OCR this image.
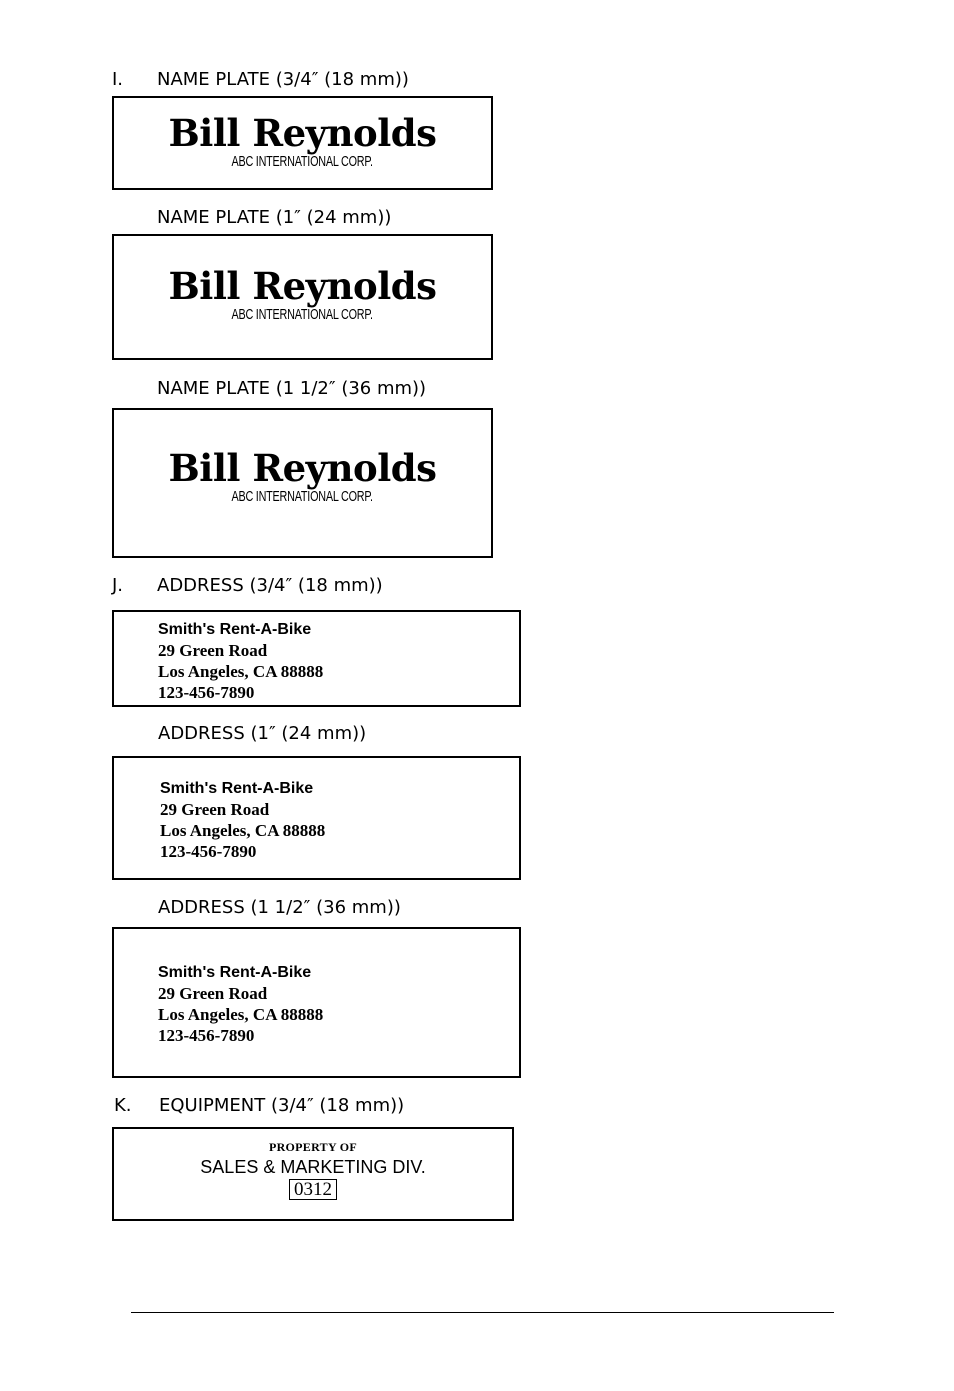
I. NAME PLATE (3/4″ (18 mm))
Bill Reynolds
ABC INTERNATIONAL CORP.
NAME PLATE (1″ (24 mm))
Bill Reynolds
ABC INTERNATIONAL CORP.
NAME PLATE (1 1/2″ (36 mm))
Bill Reynolds
ABC INTERNATIONAL CORP.
J. ADDRESS (3/4″ (18 mm))
Smith's Rent-A-Bike
29 Green Road
Los Angeles, CA 88888
123-456-7890
ADDRESS (1″ (24 mm))
Smith's Rent-A-Bike
29 Green Road
Los Angeles, CA 88888
123-456-7890
ADDRESS (1 1/2″ (36 mm))
Smith's Rent-A-Bike
29 Green Road
Los Angeles, CA 88888
123-456-7890
K. EQUIPMENT (3/4″ (18 mm))
PROPERTY OF
SALES & MARKETING DIV.
0312
